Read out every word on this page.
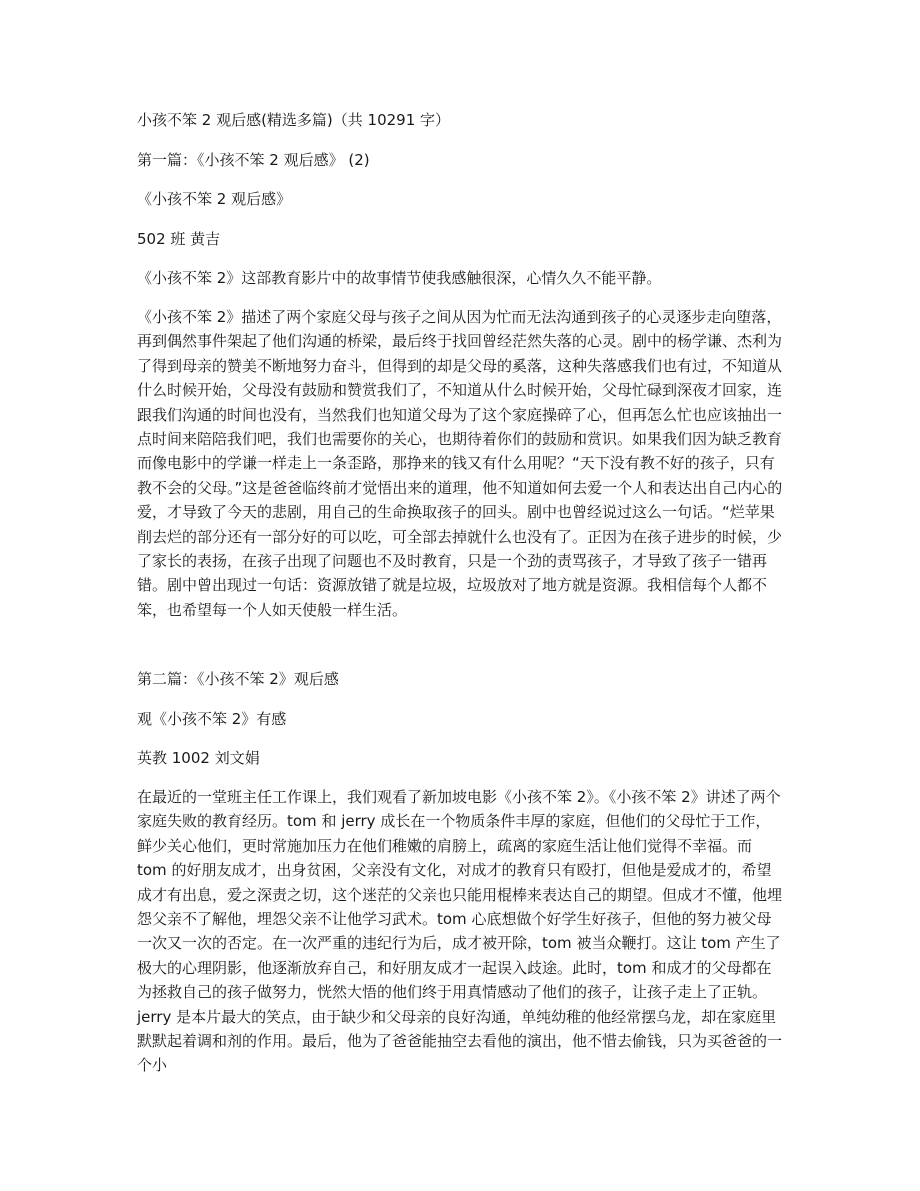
小孩不笨 2 观后感(精选多篇)（共 10291 字）
第一篇：《小孩不笨 2 观后感》 (2)
《小孩不笨 2 观后感》
502 班 黄吉
《小孩不笨 2》这部教育影片中的故事情节使我感触很深，心情久久不能平静。

《小孩不笨 2》描述了两个家庭父母与孩子之间从因为忙而无法沟通到孩子的心灵逐步走向堕落，再到偶然事件架起了他们沟通的桥梁，最后终于找回曾经茫然失落的心灵。剧中的杨学谦、杰利为了得到母亲的赞美不断地努力奋斗，但得到的却是父母的奚落，这种失落感我们也有过，不知道从什么时候开始，父母没有鼓励和赞赏我们了，不知道从什么时候开始，父母忙碌到深夜才回家，连跟我们沟通的时间也没有，当然我们也知道父母为了这个家庭操碎了心，但再怎么忙也应该抽出一点时间来陪陪我们吧，我们也需要你的关心，也期待着你们的鼓励和赏识。如果我们因为缺乏教育而像电影中的学谦一样走上一条歪路，那挣来的钱又有什么用呢？“天下没有教不好的孩子，只有教不会的父母。”这是爸爸临终前才觉悟出来的道理，他不知道如何去爱一个人和表达出自己内心的爱，才导致了今天的悲剧，用自己的生命换取孩子的回头。剧中也曾经说过这么一句话。“烂苹果削去烂的部分还有一部分好的可以吃，可全部去掉就什么也没有了。正因为在孩子进步的时候，少了家长的表扬，在孩子出现了问题也不及时教育，只是一个劲的责骂孩子，才导致了孩子一错再错。剧中曾出现过一句话：资源放错了就是垃圾，垃圾放对了地方就是资源。我相信每个人都不笨，也希望每一个人如天使般一样生活。

第二篇：《小孩不笨 2》观后感
观《小孩不笨 2》有感
英教 1002 刘文娟

在最近的一堂班主任工作课上，我们观看了新加坡电影《小孩不笨 2》。《小孩不笨 2》讲述了两个家庭失败的教育经历。tom 和 jerry 成长在一个物质条件丰厚的家庭，但他们的父母忙于工作，鲜少关心他们，更时常施加压力在他们稚嫩的肩膀上，疏离的家庭生活让他们觉得不幸福。而 tom 的好朋友成才，出身贫困，父亲没有文化，对成才的教育只有殴打，但他是爱成才的，希望成才有出息，爱之深责之切，这个迷茫的父亲也只能用棍棒来表达自己的期望。但成才不懂，他埋怨父亲不了解他，埋怨父亲不让他学习武术。tom 心底想做个好学生好孩子，但他的努力被父母一次又一次的否定。在一次严重的违纪行为后，成才被开除，tom 被当众鞭打。这让 tom 产生了极大的心理阴影，他逐渐放弃自己，和好朋友成才一起误入歧途。此时，tom 和成才的父母都在为拯救自己的孩子做努力，恍然大悟的他们终于用真情感动了他们的孩子，让孩子走上了正轨。jerry 是本片最大的笑点，由于缺少和父母亲的良好沟通，单纯幼稚的他经常摆乌龙，却在家庭里默默起着调和剂的作用。最后，他为了爸爸能抽空去看他的演出，他不惜去偷钱，只为买爸爸的一个小
